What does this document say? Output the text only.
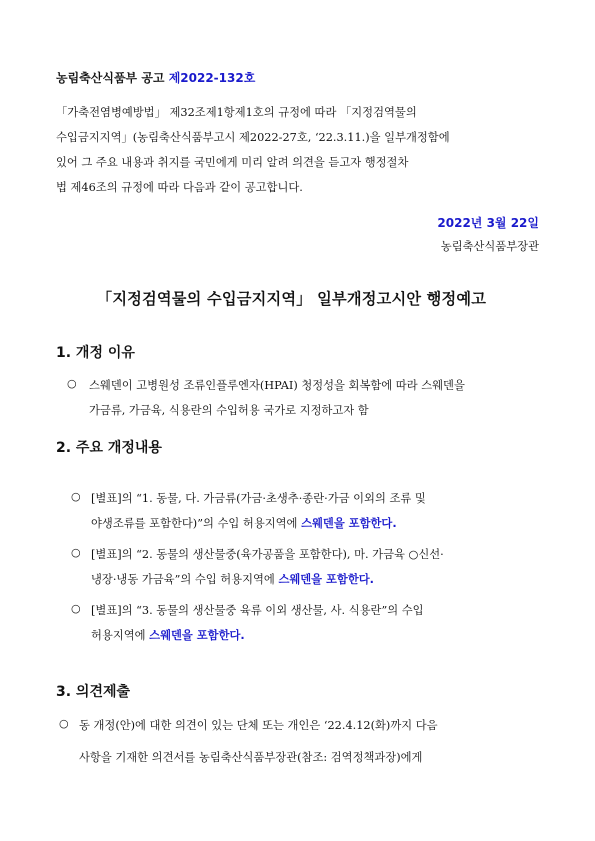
농림축산식품부 공고 제2022-132호
「가축전염병예방법」 제32조제1항제1호의 규정에 따라 「지정검역물의
수입금지지역」(농림축산식품부고시 제2022-27호, ‘22.3.11.)을 일부개정함에
있어 그 주요 내용과 취지를 국민에게 미리 알려 의견을 듣고자 행정절차
법 제46조의 규정에 따라 다음과 같이 공고합니다.
2022년 3월 22일
농림축산식품부장관
「지정검역물의 수입금지지역」 일부개정고시안 행정예고
1. 개정 이유
○ 스웨덴이 고병원성 조류인플루엔자(HPAI) 청정성을 회복함에 따라 스웨덴을
가금류, 가금육, 식용란의 수입허용 국가로 지정하고자 함
2. 주요 개정내용
○ [별표]의 “1. 동물, 다. 가금류(가금·초생추·종란·가금 이외의 조류 및
야생조류를 포함한다)”의 수입 허용지역에 스웨덴을 포함한다.
○ [별표]의 “2. 동물의 생산물중(육가공품을 포함한다), 마. 가금육 ○신선·
냉장·냉동 가금육”의 수입 허용지역에 스웨덴을 포함한다.
○ [별표]의 “3. 동물의 생산물중 육류 이외 생산물, 사. 식용란”의 수입
허용지역에 스웨덴을 포함한다.
3. 의견제출
○ 동 개정(안)에 대한 의견이 있는 단체 또는 개인은 ‘22.4.12(화)까지 다음
사항을 기재한 의견서를 농림축산식품부장관(참조: 검역정책과장)에게
